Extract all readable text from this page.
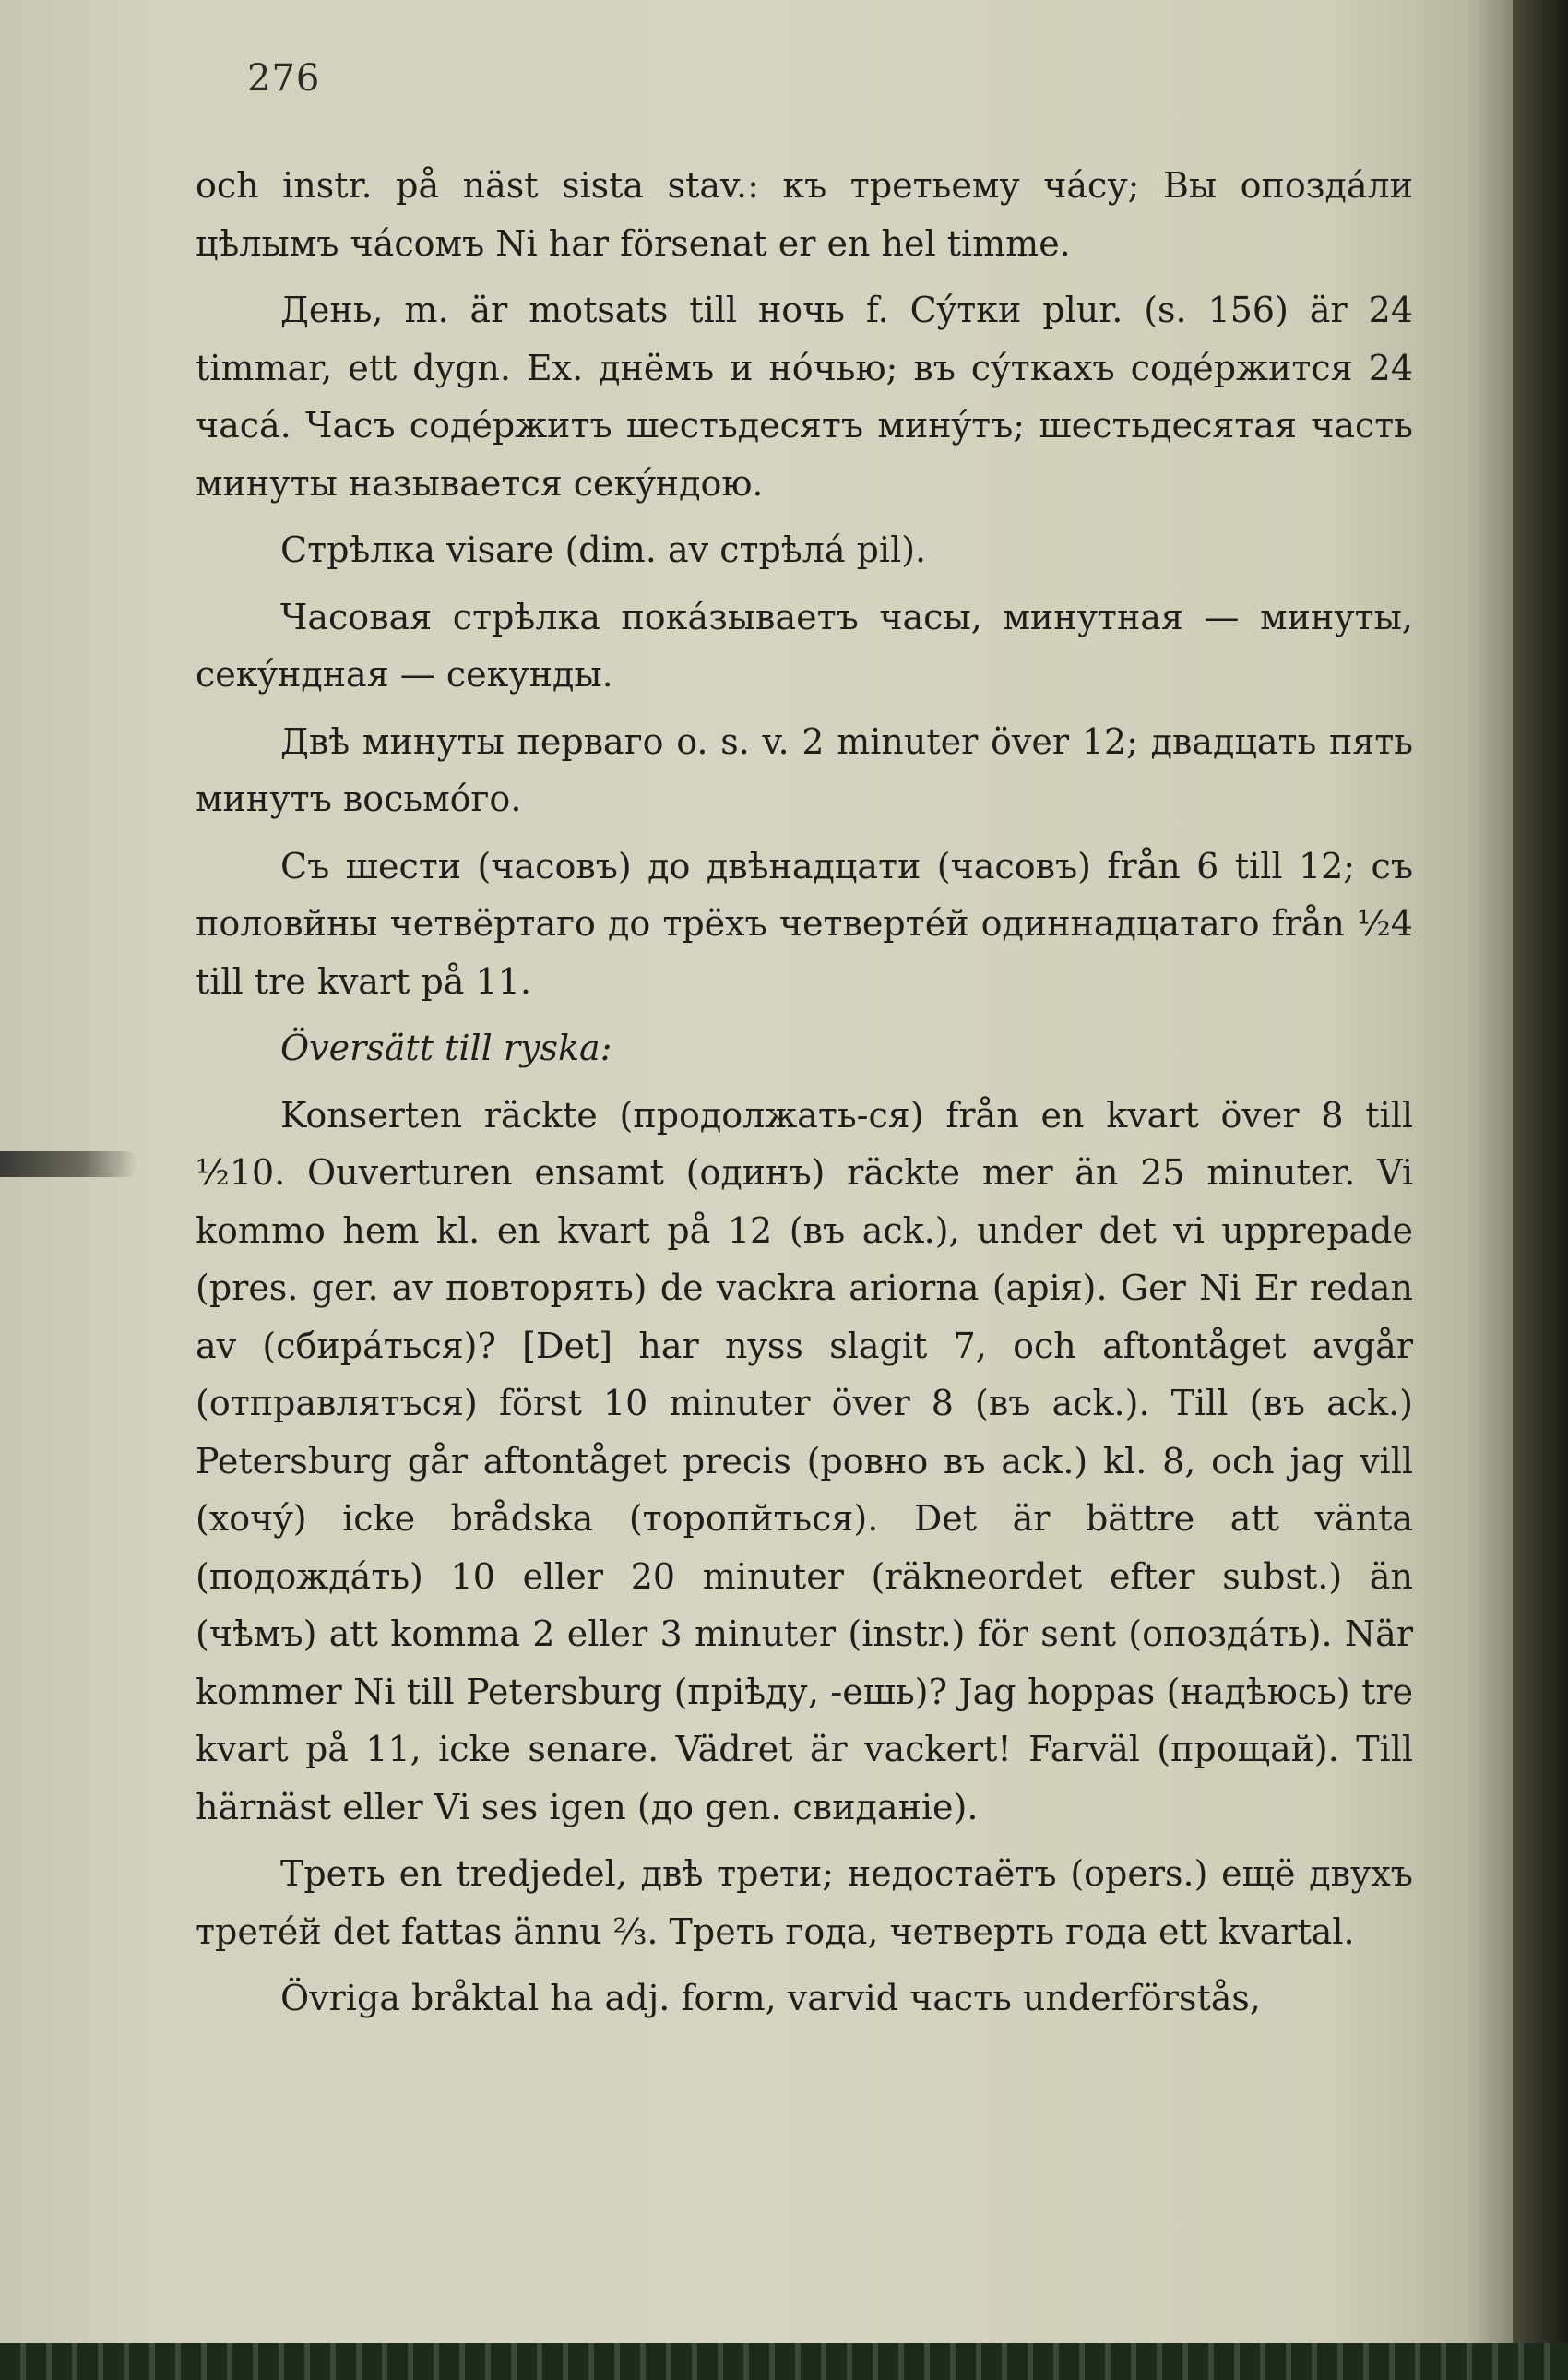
276

och instr. på näst sista stav.: къ третьему чáсу; Вы опоздáли цѣлымъ чáсомъ Ni har försenat er en hel timme.

День, m. är motsats till ночь f. Сýтки plur. (s. 156) är 24 timmar, ett dygn. Ex. днёмъ и нóчью; въ сýткахъ содéржится 24 часá. Часъ содéржитъ шестьдесятъ минýтъ; шестьдесятая часть минуты называется секýндою.

Стрѣлка visare (dim. av стрѣлá pil).

Часовая стрѣлка покáзываетъ часы, минутная — минуты, секýндная — секунды.

Двѣ минуты перваго o. s. v. 2 minuter över 12; двадцать пять минутъ восьмóго.

Съ шести (часовъ) до двѣнадцати (часовъ) från 6 till 12; съ половйны четвёртаго до трёхъ четвертéй одиннадцатаго från ½4 till tre kvart på 11.

Översätt till ryska:

Konserten räckte (продолжать-ся) från en kvart över 8 till ½10. Ouverturen ensamt (одинъ) räckte mer än 25 minuter. Vi kommo hem kl. en kvart på 12 (въ ack.), under det vi upprepade (pres. ger. av повторять) de vackra ariorna (арія). Ger Ni Er redan av (сбирáться)? [Det] har nyss slagit 7, och aftontåget avgår (отправлятъся) först 10 minuter över 8 (въ ack.). Till (въ ack.) Petersburg går aftontåget precis (ровно въ ack.) kl. 8, och jag vill (хочý) icke brådska (торопйться). Det är bättre att vänta (подождáть) 10 eller 20 minuter (räkneordet efter subst.) än (чѣмъ) att komma 2 eller 3 minuter (instr.) för sent (опоздáть). När kommer Ni till Petersburg (прiѣду, -ешь)? Jag hoppas (надѣюсь) tre kvart på 11, icke senare. Vädret är vackert! Farväl (прощай). Till härnäst eller Vi ses igen (до gen. свиданіе).

Треть en tredjedel, двѣ трети; недостаётъ (opers.) ещё двухъ третéй det fattas ännu ⅔. Треть года, четверть года ett kvartal.

Övriga bråktal ha adj. form, varvid часть underförstås,
